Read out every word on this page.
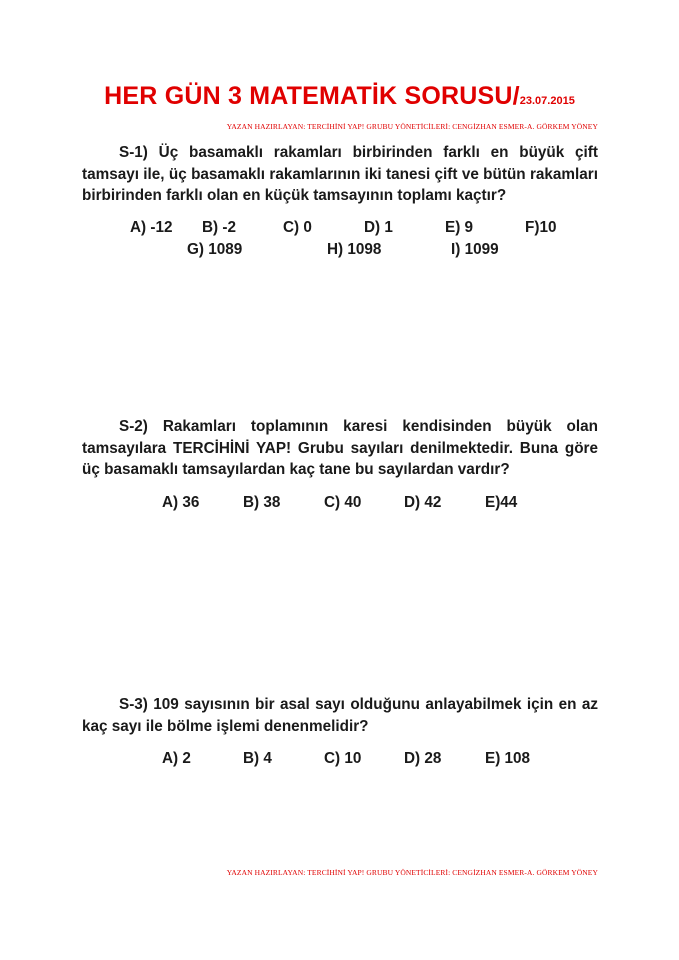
HER GÜN 3 MATEMATİK SORUSU/23.07.2015
YAZAN HAZIRLAYAN: TERCİHİNİ YAP! GRUBU YÖNETİCİLERİ: CENGİZHAN ESMER-A. GÖRKEM YÖNEY

S-1) Üç basamaklı rakamları birbirinden farklı en büyük çift tamsayı ile, üç basamaklı rakamlarının iki tanesi çift ve bütün rakamları birbirinden farklı olan en küçük tamsayının toplamı kaçtır?

A) -12 B) -2	C) 0	D) 1	E) 9	F)10
G) 1089	H) 1098	I) 1099

S-2) Rakamları toplamının karesi kendisinden büyük olan tamsayılara TERCİHİNİ YAP! Grubu sayıları denilmektedir. Buna göre üç basamaklı tamsayılardan kaç tane bu sayılardan vardır?

A) 36	B) 38	C) 40	D) 42	E)44

S-3) 109 sayısının bir asal sayı olduğunu anlayabilmek için en az kaç sayı ile bölme işlemi denenmelidir?

A) 2	B) 4	C) 10	D) 28	E) 108
YAZAN HAZIRLAYAN: TERCİHİNİ YAP! GRUBU YÖNETİCİLERİ: CENGİZHAN ESMER-A. GÖRKEM YÖNEY
